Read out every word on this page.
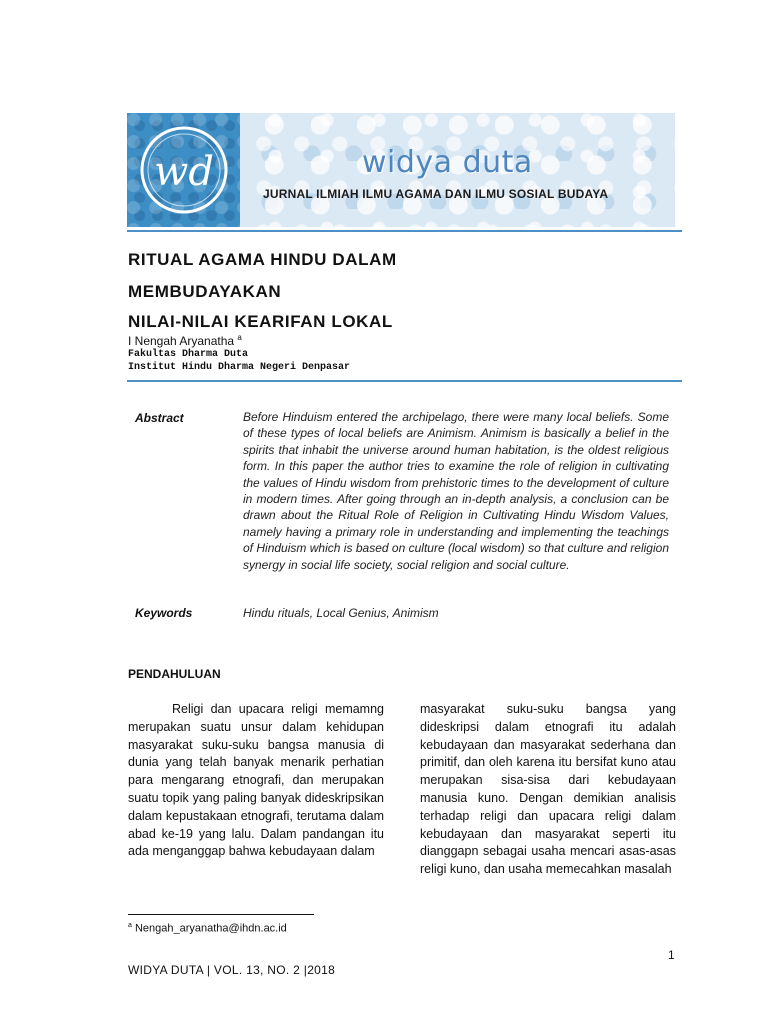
wd	widya duta
JURNAL ILMIAH ILMU AGAMA DAN ILMU SOSIAL BUDAYA
RITUAL AGAMA HINDU DALAM
MEMBUDAYAKAN
NILAI-NILAI KEARIFAN LOKAL
I Nengah Aryanatha $^a$
Fakultas Dharma Duta
Institut Hindu Dharma Negeri Denpasar
Abstract	Before Hinduism entered the archipelago, there were many local beliefs. Some of these types of local beliefs are Animism. Animism is basically a belief in the spirits that inhabit the universe around human habitation, is the oldest religious form. In this paper the author tries to examine the role of religion in cultivating the values of Hindu wisdom from prehistoric times to the development of culture in modern times. After going through an in-depth analysis, a conclusion can be drawn about the Ritual Role of Religion in Cultivating Hindu Wisdom Values, namely having a primary role in understanding and implementing the teachings of Hinduism which is based on culture (local wisdom) so that culture and religion synergy in social life society, social religion and social culture.
Keywords	Hindu rituals, Local Genius, Animism
PENDAHULUAN
Religi dan upacara religi memamng merupakan suatu unsur dalam kehidupan masyarakat suku-suku bangsa manusia di dunia yang telah banyak menarik perhatian para mengarang etnografi, dan merupakan suatu topik yang paling banyak dideskripsikan dalam kepustakaan etnografi, terutama dalam abad ke-19 yang lalu. Dalam pandangan itu ada menganggap bahwa kebudayaan dalam
masyarakat suku-suku bangsa yang dideskripsi dalam etnografi itu adalah kebudayaan dan masyarakat sederhana dan primitif, dan oleh karena itu bersifat kuno atau merupakan sisa-sisa dari kebudayaan manusia kuno. Dengan demikian analisis terhadap religi dan upacara religi dalam kebudayaan dan masyarakat seperti itu dianggapn sebagai usaha mencari asas-asas religi kuno, dan usaha memecahkan masalah
$^a$ Nengah_aryanatha@ihdn.ac.id
1
WIDYA DUTA | VOL. 13, NO. 2 |2018
